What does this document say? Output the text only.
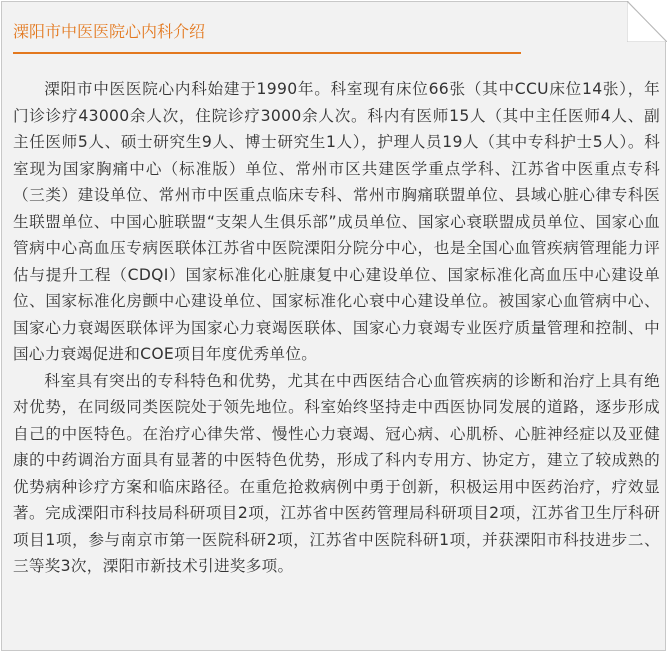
溧阳市中医医院心内科介绍

溧阳市中医医院心内科始建于1990年。科室现有床位66张（其中CCU床位14张），年门诊诊疗43000余人次，住院诊疗3000余人次。科内有医师15人（其中主任医师4人、副主任医师5人、硕士研究生9人、博士研究生1人），护理人员19人（其中专科护士5人）。科室现为国家胸痛中心（标准版）单位、常州市区共建医学重点学科、江苏省中医重点专科（三类）建设单位、常州市中医重点临床专科、常州市胸痛联盟单位、县域心脏心律专科医生联盟单位、中国心脏联盟“支架人生俱乐部”成员单位、国家心衰联盟成员单位、国家心血管病中心高血压专病医联体江苏省中医院溧阳分院分中心，也是全国心血管疾病管理能力评估与提升工程（CDQI）国家标准化心脏康复中心建设单位、国家标准化高血压中心建设单位、国家标准化房颤中心建设单位、国家标准化心衰中心建设单位。被国家心血管病中心、国家心力衰竭医联体评为国家心力衰竭医联体、国家心力衰竭专业医疗质量管理和控制、中国心力衰竭促进和COE项目年度优秀单位。

科室具有突出的专科特色和优势，尤其在中西医结合心血管疾病的诊断和治疗上具有绝对优势，在同级同类医院处于领先地位。科室始终坚持走中西医协同发展的道路，逐步形成自己的中医特色。在治疗心律失常、慢性心力衰竭、冠心病、心肌桥、心脏神经症以及亚健康的中药调治方面具有显著的中医特色优势，形成了科内专用方、协定方，建立了较成熟的优势病种诊疗方案和临床路径。在重危抢救病例中勇于创新，积极运用中医药治疗，疗效显著。完成溧阳市科技局科研项目2项，江苏省中医药管理局科研项目2项，江苏省卫生厅科研项目1项，参与南京市第一医院科研2项，江苏省中医院科研1项，并获溧阳市科技进步二、三等奖3次，溧阳市新技术引进奖多项。
